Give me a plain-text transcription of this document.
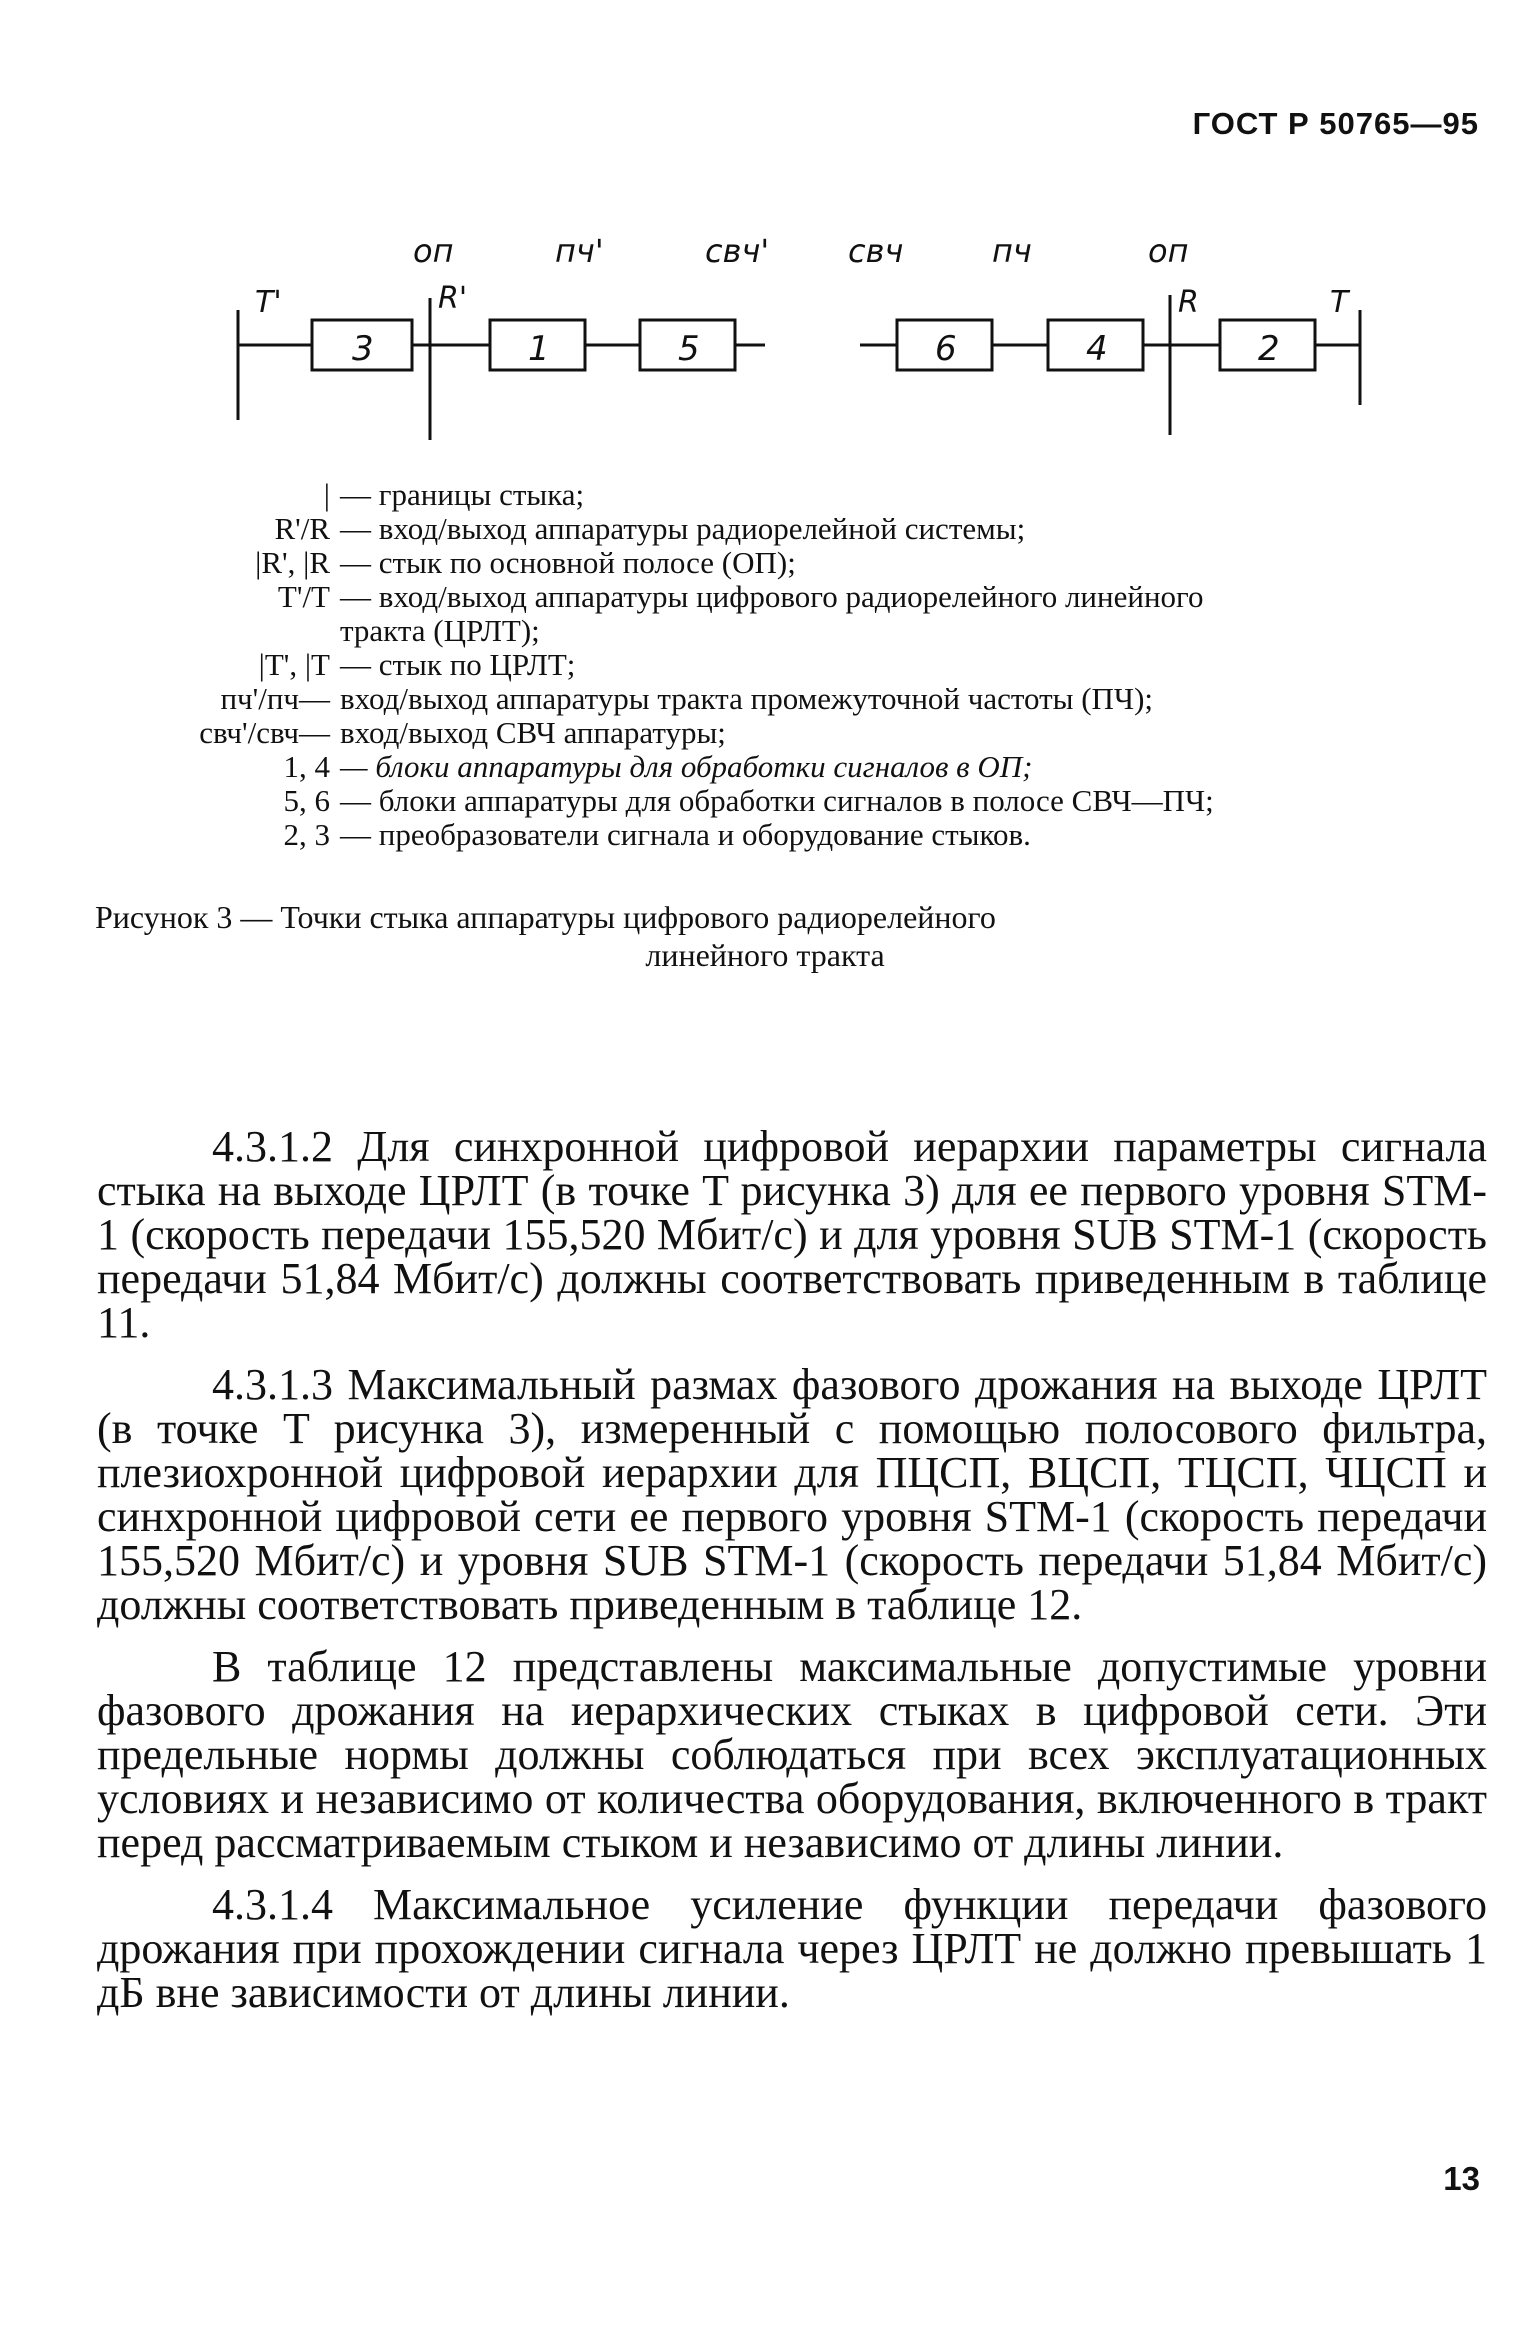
ГОСТ Р 50765—95
оп	пч'	свч' свч	пч	оп
T'	R'	R	T
3	1	5	6	4	2
| — границы стыка;
R'/R — вход/выход аппаратуры радиорелейной системы;
|R', |R — стык по основной полосе (ОП);
T'/T — вход/выход аппаратуры цифрового радиорелейного линейного
тракта (ЦРЛТ);
|T', |T — стык по ЦРЛТ;
пч'/пч— вход/выход аппаратуры тракта промежуточной частоты (ПЧ);
свч'/свч— вход/выход СВЧ аппаратуры;
1, 4 — блоки аппаратуры для обработки сигналов в ОП;
5, 6 — блоки аппаратуры для обработки сигналов в полосе СВЧ—ПЧ;
2, 3 — преобразователи сигнала и оборудование стыков.
Рисунок 3 — Точки стыка аппаратуры цифрового радиорелейного
линейного тракта

4.3.1.2 Для синхронной цифровой иерархии параметры сигнала стыка на выходе ЦРЛТ (в точке T рисунка 3) для ее первого уровня STM-1 (скорость передачи 155,520 Мбит/с) и для уровня SUB STM-1 (скорость передачи 51,84 Мбит/с) должны соответствовать приведенным в таблице 11.

4.3.1.3 Максимальный размах фазового дрожания на выходе ЦРЛТ (в точке T рисунка 3), измеренный с помощью полосового фильтра, плезиохронной цифровой иерархии для ПЦСП, ВЦСП, ТЦСП, ЧЦСП и синхронной цифровой сети ее первого уровня STM-1 (скорость передачи 155,520 Мбит/с) и уровня SUB STM-1 (скорость передачи 51,84 Мбит/с) должны соответствовать приведенным в таблице 12.

В таблице 12 представлены максимальные допустимые уровни фазового дрожания на иерархических стыках в цифровой сети. Эти предельные нормы должны соблюдаться при всех эксплуатационных условиях и независимо от количества оборудования, включенного в тракт перед рассматриваемым стыком и независимо от длины линии.

4.3.1.4 Максимальное усиление функции передачи фазового дрожания при прохождении сигнала через ЦРЛТ не должно превышать 1 дБ вне зависимости от длины линии.

13
